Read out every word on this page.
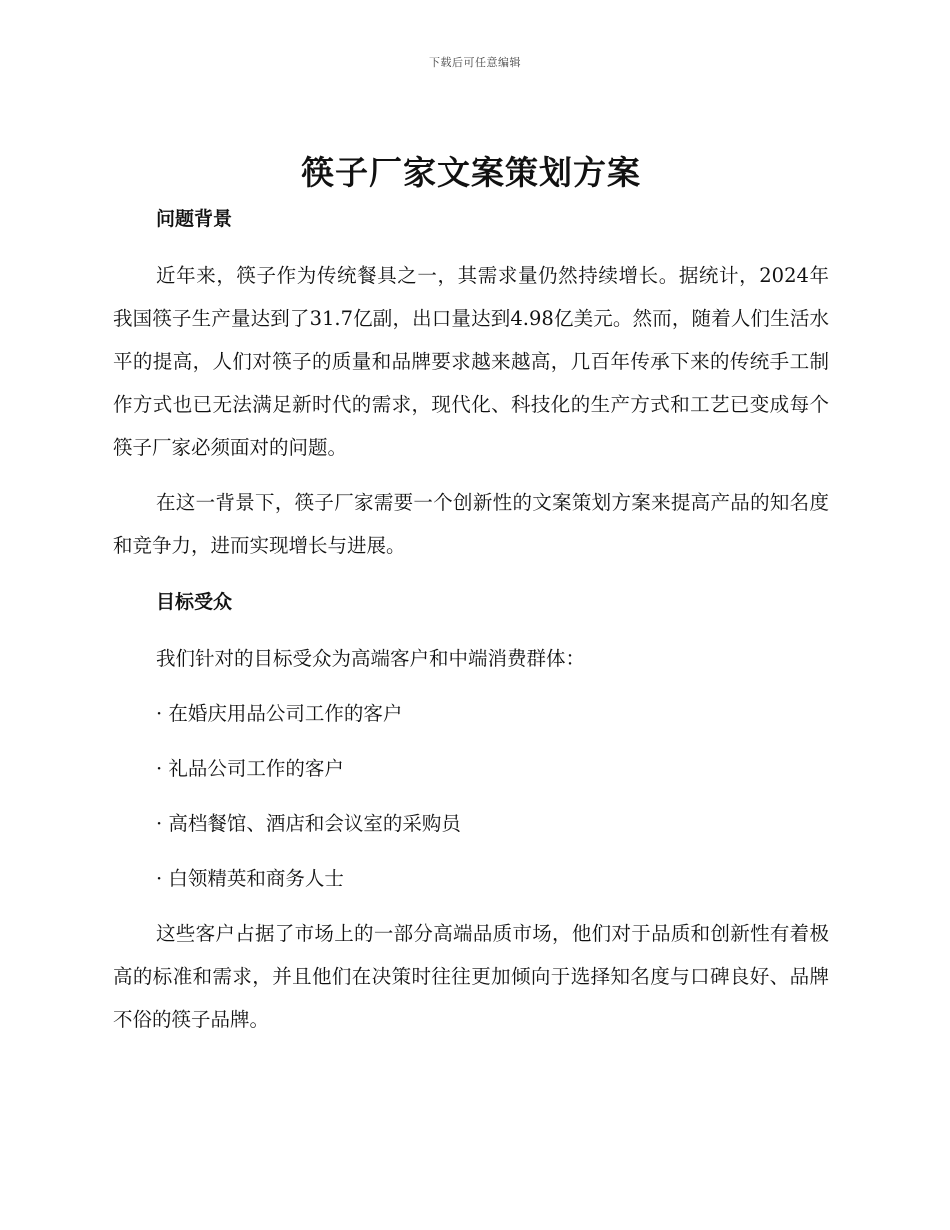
下载后可任意编辑
筷子厂家文案策划方案
问题背景

近年来，筷子作为传统餐具之一，其需求量仍然持续增长。据统计，2024年我国筷子生产量达到了31.7亿副，出口量达到4.98亿美元。然而，随着人们生活水平的提高，人们对筷子的质量和品牌要求越来越高，几百年传承下来的传统手工制作方式也已无法满足新时代的需求，现代化、科技化的生产方式和工艺已变成每个筷子厂家必须面对的问题。

在这一背景下，筷子厂家需要一个创新性的文案策划方案来提高产品的知名度和竞争力，进而实现增长与进展。

目标受众

我们针对的目标受众为高端客户和中端消费群体：

· 在婚庆用品公司工作的客户
· 礼品公司工作的客户
· 高档餐馆、酒店和会议室的采购员
· 白领精英和商务人士

这些客户占据了市场上的一部分高端品质市场，他们对于品质和创新性有着极高的标准和需求，并且他们在决策时往往更加倾向于选择知名度与口碑良好、品牌不俗的筷子品牌。
